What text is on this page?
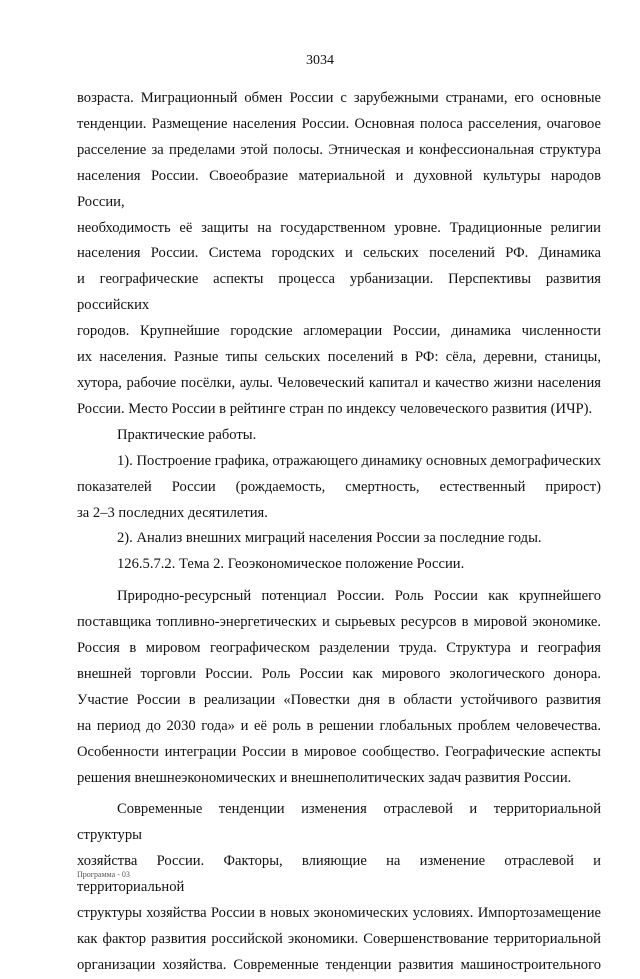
3034

возраста. Миграционный обмен России с зарубежными странами, его основные

тенденции. Размещение населения России. Основная полоса расселения, очаговое

расселение за пределами этой полосы. Этническая и конфессиональная структура

населения России. Своеобразие материальной и духовной культуры народов России,

необходимость её защиты на государственном уровне. Традиционные религии

населения России. Система городских и сельских поселений РФ. Динамика

и географические аспекты процесса урбанизации. Перспективы развития российских

городов. Крупнейшие городские агломерации России, динамика численности

их населения. Разные типы сельских поселений в РФ: сёла, деревни, станицы,

хутора, рабочие посёлки, аулы. Человеческий капитал и качество жизни населения

России. Место России в рейтинге стран по индексу человеческого развития (ИЧР).

Практические работы.

1). Построение графика, отражающего динамику основных демографических

показателей России (рождаемость, смертность, естественный прирост)

за 2–3 последних десятилетия.

2). Анализ внешних миграций населения России за последние годы.

126.5.7.2. Тема 2. Геоэкономическое положение России.

Природно-ресурсный потенциал России. Роль России как крупнейшего

поставщика топливно-энергетических и сырьевых ресурсов в мировой экономике.

Россия в мировом географическом разделении труда. Структура и география

внешней торговли России. Роль России как мирового экологического донора.

Участие России в реализации «Повестки дня в области устойчивого развития

на период до 2030 года» и её роль в решении глобальных проблем человечества.

Особенности интеграции России в мировое сообщество. Географические аспекты

решения внешнеэкономических и внешнеполитических задач развития России.

Современные тенденции изменения отраслевой и территориальной структуры

хозяйства России. Факторы, влияющие на изменение отраслевой и территориальной

структуры хозяйства России в новых экономических условиях. Импортозамещение

как фактор развития российской экономики. Совершенствование территориальной

организации хозяйства. Современные тенденции развития машиностроительного

Программа - 03
